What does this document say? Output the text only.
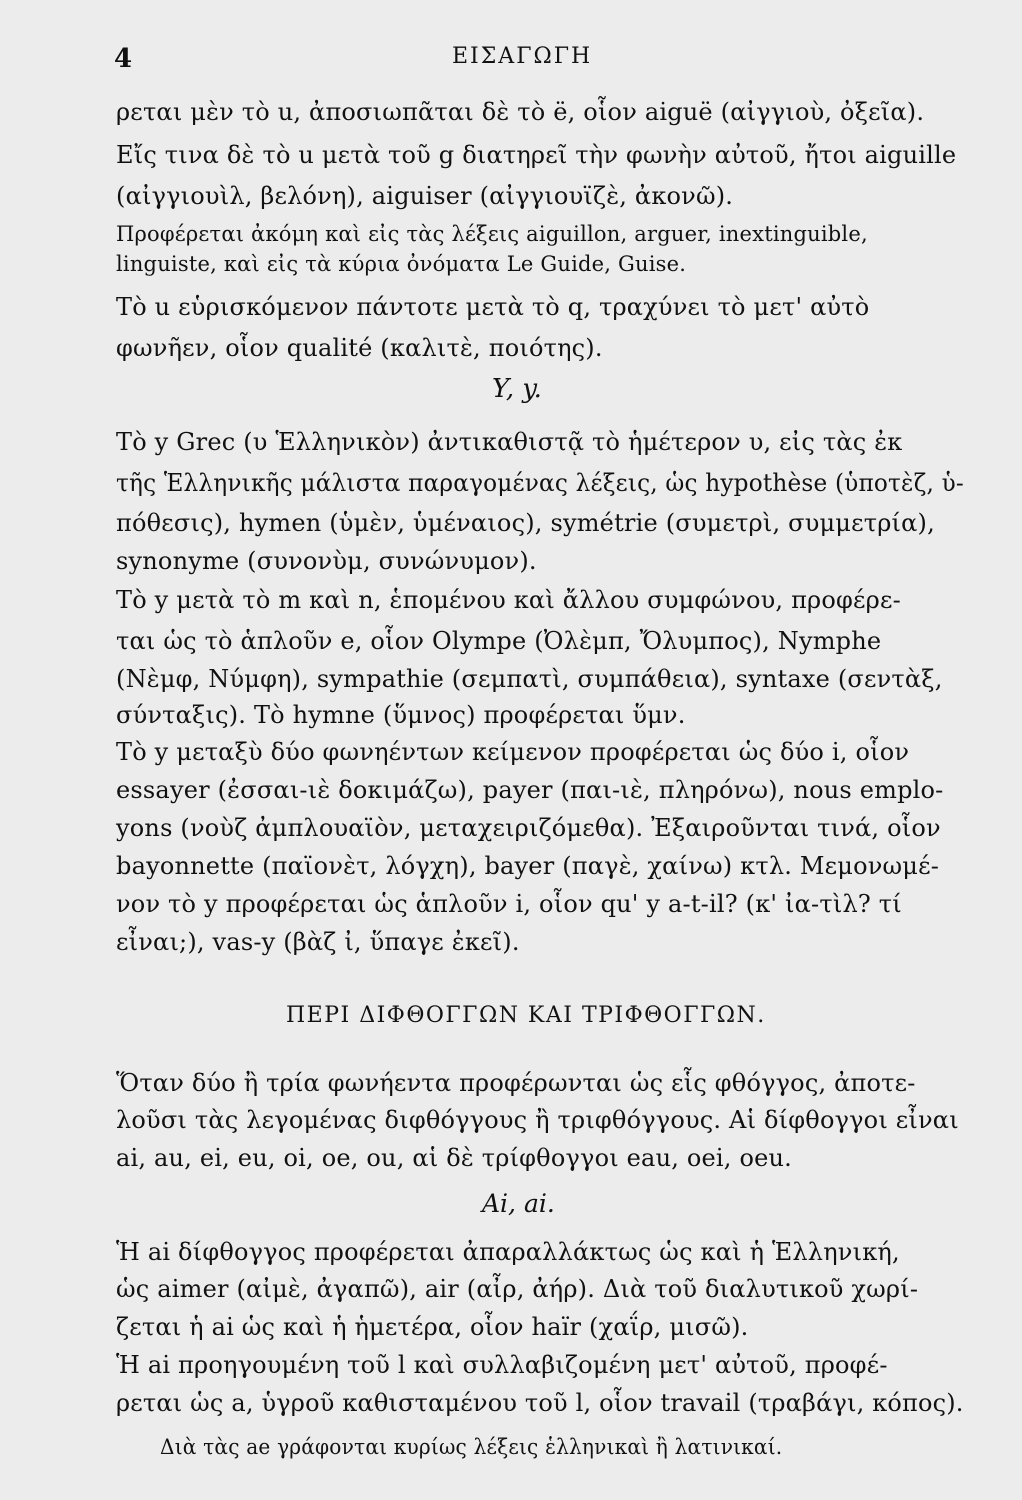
4	ΕΙΣΑΓΩΓΗ
ρεται μὲν τὸ u, ἀποσιωπᾶται δὲ τὸ ë, οἷον aiguë (αἰγγιοὺ, ὀξεῖα).
Εἴς τινα δὲ τὸ u μετὰ τοῦ g διατηρεῖ τὴν φωνὴν αὐτοῦ, ἤτοι aiguille
(αἰγγιουὶλ, βελόνη), aiguiser (αἰγγιουϊζὲ, ἀκονῶ).
Προφέρεται ἀκόμη καὶ εἰς τὰς λέξεις aiguillon, arguer, inextinguible,
linguiste, καὶ εἰς τὰ κύρια ὀνόματα Le Guide, Guise.
Τὸ u εὑρισκόμενον πάντοτε μετὰ τὸ q, τραχύνει τὸ μετ' αὐτὸ
φωνῆεν, οἷον qualité (καλιτὲ, ποιότης).
Y, y.
Τὸ y Grec (υ Ἑλληνικὸν) ἀντικαθιστᾷ τὸ ἡμέτερον υ, εἰς τὰς ἐκ
τῆς Ἑλληνικῆς μάλιστα παραγομένας λέξεις, ὡς hypothèse (ὑποτὲζ, ὑ-
πόθεσις), hymen (ὑμὲν, ὑμέναιος), symétrie (συμετρὶ, συμμετρία),
synonyme (συνονὺμ, συνώνυμον).
Τὸ y μετὰ τὸ m καὶ n, ἑπομένου καὶ ἄλλου συμφώνου, προφέρε-
ται ὡς τὸ ἁπλοῦν e, οἷον Olympe (Ὀλὲμπ, Ὄλυμπος), Nymphe
(Νὲμφ, Νύμφη), sympathie (σεμπατὶ, συμπάθεια), syntaxe (σεντὰξ,
σύνταξις). Τὸ hymne (ὕμνος) προφέρεται ὕμν.
Τὸ y μεταξὺ δύο φωνηέντων κείμενον προφέρεται ὡς δύο i, οἷον
essayer (ἐσσαι-ιὲ δοκιμάζω), payer (παι-ιὲ, πληρόνω), nous emplo-
yons (νοὺζ ἀμπλουαϊὸν, μεταχειριζόμεθα). Ἐξαιροῦνται τινά, οἷον
bayonnette (παϊονὲτ, λόγχη), bayer (παγὲ, χαίνω) κτλ. Μεμονωμέ-
νον τὸ y προφέρεται ὡς ἁπλοῦν i, οἷον qu' y a-t-il? (κ' ἰα-τὶλ? τί
εἶναι;), vas-y (βὰζ ἰ, ὕπαγε ἐκεῖ).
ΠΕΡΙ ΔΙΦΘΟΓΓΩΝ ΚΑΙ ΤΡΙΦΘΟΓΓΩΝ.
Ὅταν δύο ἢ τρία φωνήεντα προφέρωνται ὡς εἷς φθόγγος, ἀποτε-
λοῦσι τὰς λεγομένας διφθόγγους ἢ τριφθόγγους. Αἱ δίφθογγοι εἶναι
ai, au, ei, eu, oi, oe, ou, αἱ δὲ τρίφθογγοι eau, oei, oeu.
Ai, ai.
Ἡ ai δίφθογγος προφέρεται ἀπαραλλάκτως ὡς καὶ ἡ Ἑλληνική,
ὡς aimer (αἰμὲ, ἀγαπῶ), air (αἶρ, ἀήρ). Διὰ τοῦ διαλυτικοῦ χωρί-
ζεται ἡ ai ὡς καὶ ἡ ἡμετέρα, οἷον haïr (χαΐρ, μισῶ).
Ἡ ai προηγουμένη τοῦ l καὶ συλλαβιζομένη μετ' αὐτοῦ, προφέ-
ρεται ὡς a, ὑγροῦ καθισταμένου τοῦ l, οἷον travail (τραβάγι, κόπος).
Διὰ τὰς ae γράφονται κυρίως λέξεις ἑλληνικαὶ ἢ λατινικαί.
